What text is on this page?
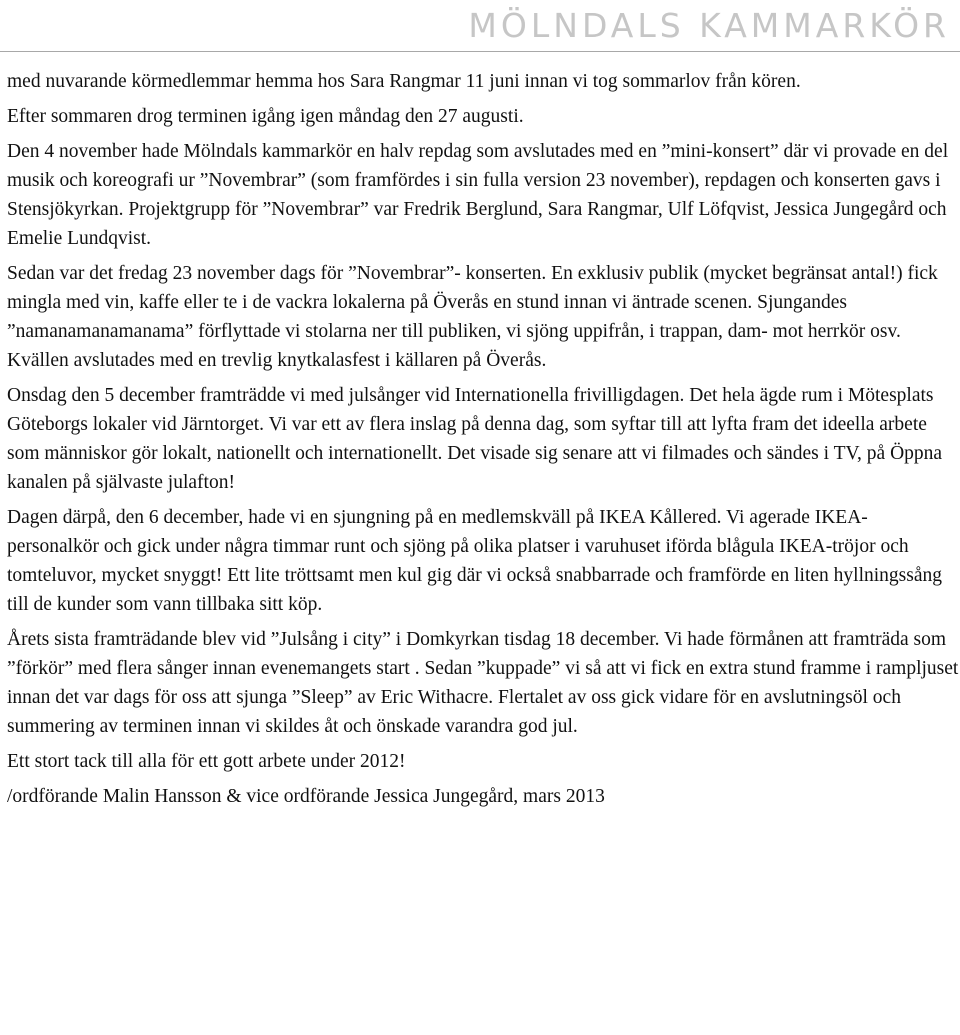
MÖLNDALS KAMMARKÖR

med nuvarande körmedlemmar hemma hos Sara Rangmar 11 juni innan vi tog sommarlov från kören.

Efter sommaren drog terminen igång igen måndag den 27 augusti.

Den 4 november hade Mölndals kammarkör en halv repdag som avslutades med en ”mini-konsert” där vi provade en del musik och koreografi ur ”Novembrar” (som framfördes i sin fulla version 23 november), repdagen och konserten gavs i Stensjökyrkan. Projektgrupp för ”Novembrar” var Fredrik Berglund, Sara Rangmar, Ulf Löfqvist, Jessica Jungegård och Emelie Lundqvist.

Sedan var det fredag 23 november dags för ”Novembrar”- konserten. En exklusiv publik (mycket begränsat antal!) fick mingla med vin, kaffe eller te i de vackra lokalerna på Överås en stund innan vi äntrade scenen. Sjungandes ”namanamanamanama” förflyttade vi stolarna ner till publiken, vi sjöng uppifrån, i trappan, dam- mot herrkör osv. Kvällen avslutades med en trevlig knytkalasfest i källaren på Överås.

Onsdag den 5 december framträdde vi med julsånger vid Internationella frivilligdagen. Det hela ägde rum i Mötesplats Göteborgs lokaler vid Järntorget. Vi var ett av flera inslag på denna dag, som syftar till att lyfta fram det ideella arbete som människor gör lokalt, nationellt och internationellt. Det visade sig senare att vi filmades och sändes i TV, på Öppna kanalen på självaste julafton!

Dagen därpå, den 6 december, hade vi en sjungning på en medlemskväll på IKEA Kållered. Vi agerade IKEA-personalkör och gick under några timmar runt och sjöng på olika platser i varuhuset iförda blågula IKEA-tröjor och tomteluvor, mycket snyggt! Ett lite tröttsamt men kul gig där vi också snabbarrade och framförde en liten hyllningssång till de kunder som vann tillbaka sitt köp.

Årets sista framträdande blev vid ”Julsång i city” i Domkyrkan tisdag 18 december. Vi hade förmånen att framträda som ”förkör” med flera sånger innan evenemangets start . Sedan ”kuppade” vi så att vi fick en extra stund framme i rampljuset innan det var dags för oss att sjunga ”Sleep” av Eric Withacre. Flertalet av oss gick vidare för en avslutningsöl och summering av terminen innan vi skildes åt och önskade varandra god jul.

Ett stort tack till alla för ett gott arbete under 2012!

/ordförande Malin Hansson & vice ordförande Jessica Jungegård, mars 2013
